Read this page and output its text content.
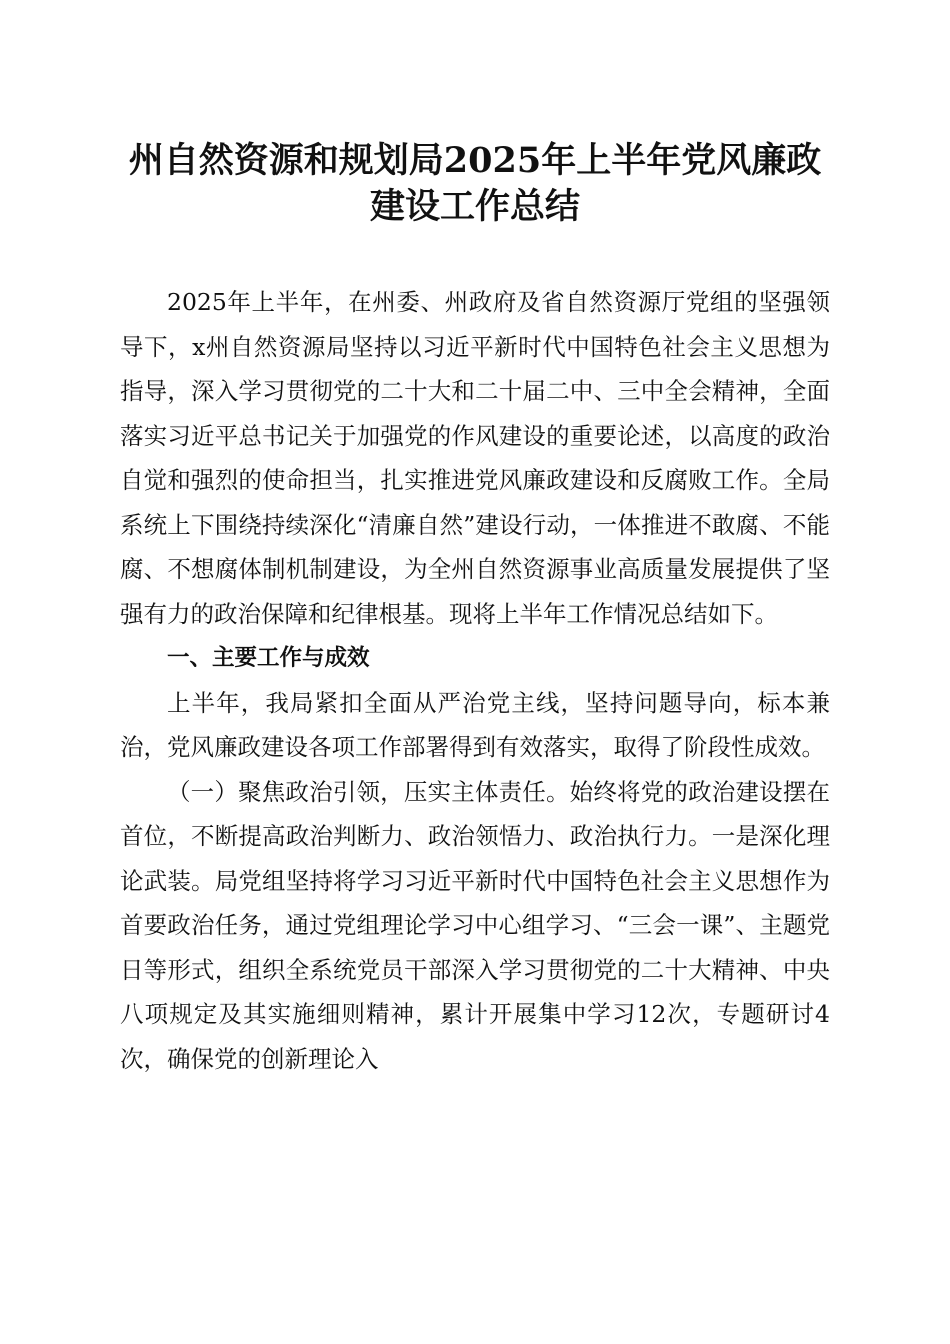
州自然资源和规划局2025年上半年党风廉政
建设工作总结

2025年上半年，在州委、州政府及省自然资源厅党组的坚强领导下，x州自然资源局坚持以习近平新时代中国特色社会主义思想为指导，深入学习贯彻党的二十大和二十届二中、三中全会精神，全面落实习近平总书记关于加强党的作风建设的重要论述，以高度的政治自觉和强烈的使命担当，扎实推进党风廉政建设和反腐败工作。全局系统上下围绕持续深化“清廉自然”建设行动，一体推进不敢腐、不能腐、不想腐体制机制建设，为全州自然资源事业高质量发展提供了坚强有力的政治保障和纪律根基。现将上半年工作情况总结如下。

一、主要工作与成效

上半年，我局紧扣全面从严治党主线，坚持问题导向，标本兼治，党风廉政建设各项工作部署得到有效落实，取得了阶段性成效。

（一）聚焦政治引领，压实主体责任。始终将党的政治建设摆在首位，不断提高政治判断力、政治领悟力、政治执行力。一是深化理论武装。局党组坚持将学习习近平新时代中国特色社会主义思想作为首要政治任务，通过党组理论学习中心组学习、“三会一课”、主题党日等形式，组织全系统党员干部深入学习贯彻党的二十大精神、中央八项规定及其实施细则精神，累计开展集中学习12次，专题研讨4次，确保党的创新理论入
